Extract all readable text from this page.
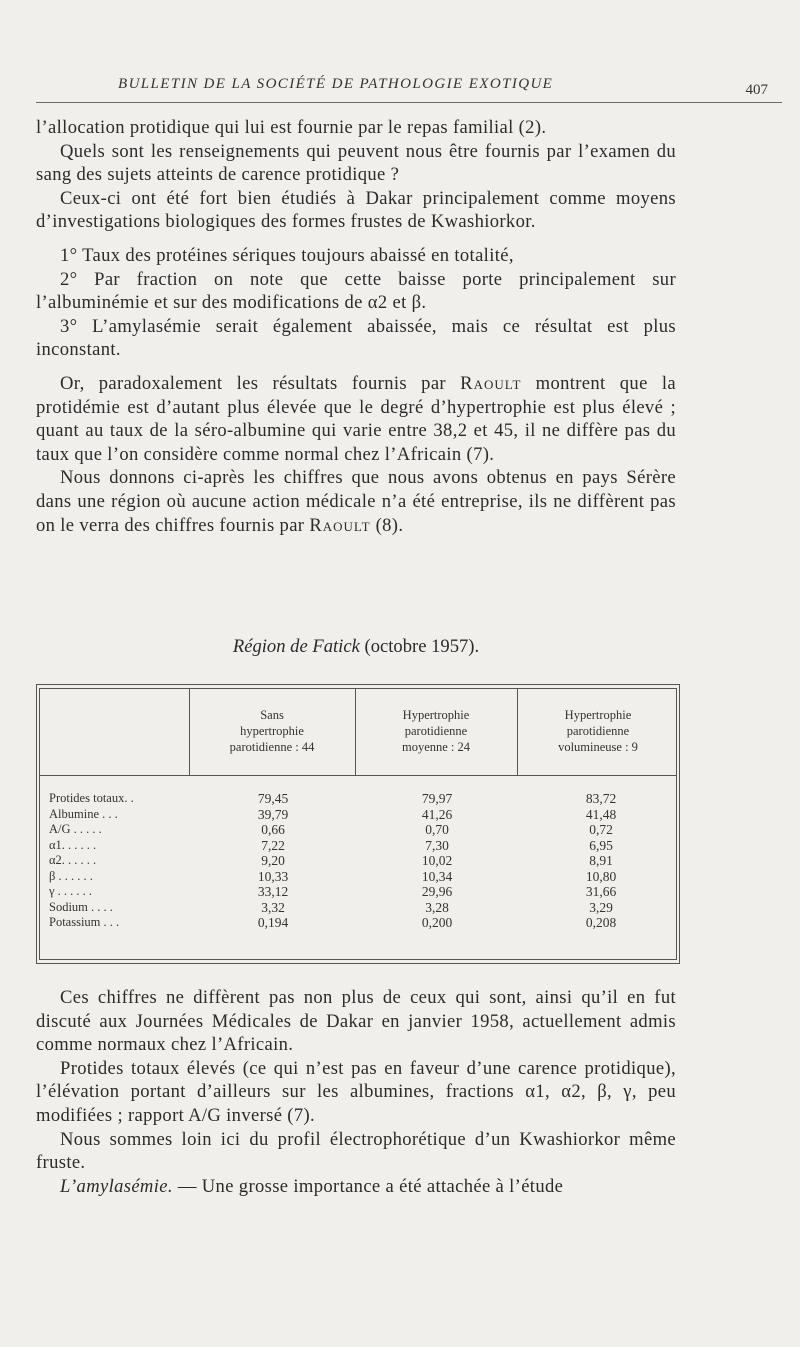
BULLETIN DE LA SOCIÉTÉ DE PATHOLOGIE EXOTIQUE	407

l’allocation protidique qui lui est fournie par le repas familial (2).

Quels sont les renseignements qui peuvent nous être fournis par l’examen du sang des sujets atteints de carence protidique ?

Ceux-ci ont été fort bien étudiés à Dakar principalement comme moyens d’investigations biologiques des formes frustes de Kwashiorkor.

1° Taux des protéines sériques toujours abaissé en totalité,

2° Par fraction on note que cette baisse porte principalement sur l’albuminémie et sur des modifications de α2 et β.

3° L’amylasémie serait également abaissée, mais ce résultat est plus inconstant.

Or, paradoxalement les résultats fournis par Raoult montrent que la protidémie est d’autant plus élevée que le degré d’hypertrophie est plus élevé ; quant au taux de la séro-albumine qui varie entre 38,2 et 45, il ne diffère pas du taux que l’on considère comme normal chez l’Africain (7).

Nous donnons ci-après les chiffres que nous avons obtenus en pays Sérère dans une région où aucune action médicale n’a été entreprise, ils ne diffèrent pas on le verra des chiffres fournis par Raoult (8).

Région de Fatick (octobre 1957).
Sans
hypertrophie
parotidienne : 44
Hypertrophie
parotidienne
moyenne : 24
Hypertrophie
parotidienne
volumineuse : 9
Protides totaux. .
Albumine . . .
A/G . . . . .
α1. . . . . .
α2. . . . . .
β . . . . . .
γ . . . . . .
Sodium . . . .
Potassium . . .
79,45
39,79
0,66
7,22
9,20
10,33
33,12
3,32
0,194
79,97
41,26
0,70
7,30
10,02
10,34
29,96
3,28
0,200
83,72
41,48
0,72
6,95
8,91
10,80
31,66
3,29
0,208

Ces chiffres ne diffèrent pas non plus de ceux qui sont, ainsi qu’il en fut discuté aux Journées Médicales de Dakar en janvier 1958, actuellement admis comme normaux chez l’Africain.

Protides totaux élevés (ce qui n’est pas en faveur d’une carence protidique), l’élévation portant d’ailleurs sur les albumines, fractions α1, α2, β, γ, peu modifiées ; rapport A/G inversé (7).

Nous sommes loin ici du profil électrophorétique d’un Kwashiorkor même fruste.

L’amylasémie. — Une grosse importance a été attachée à l’étude
